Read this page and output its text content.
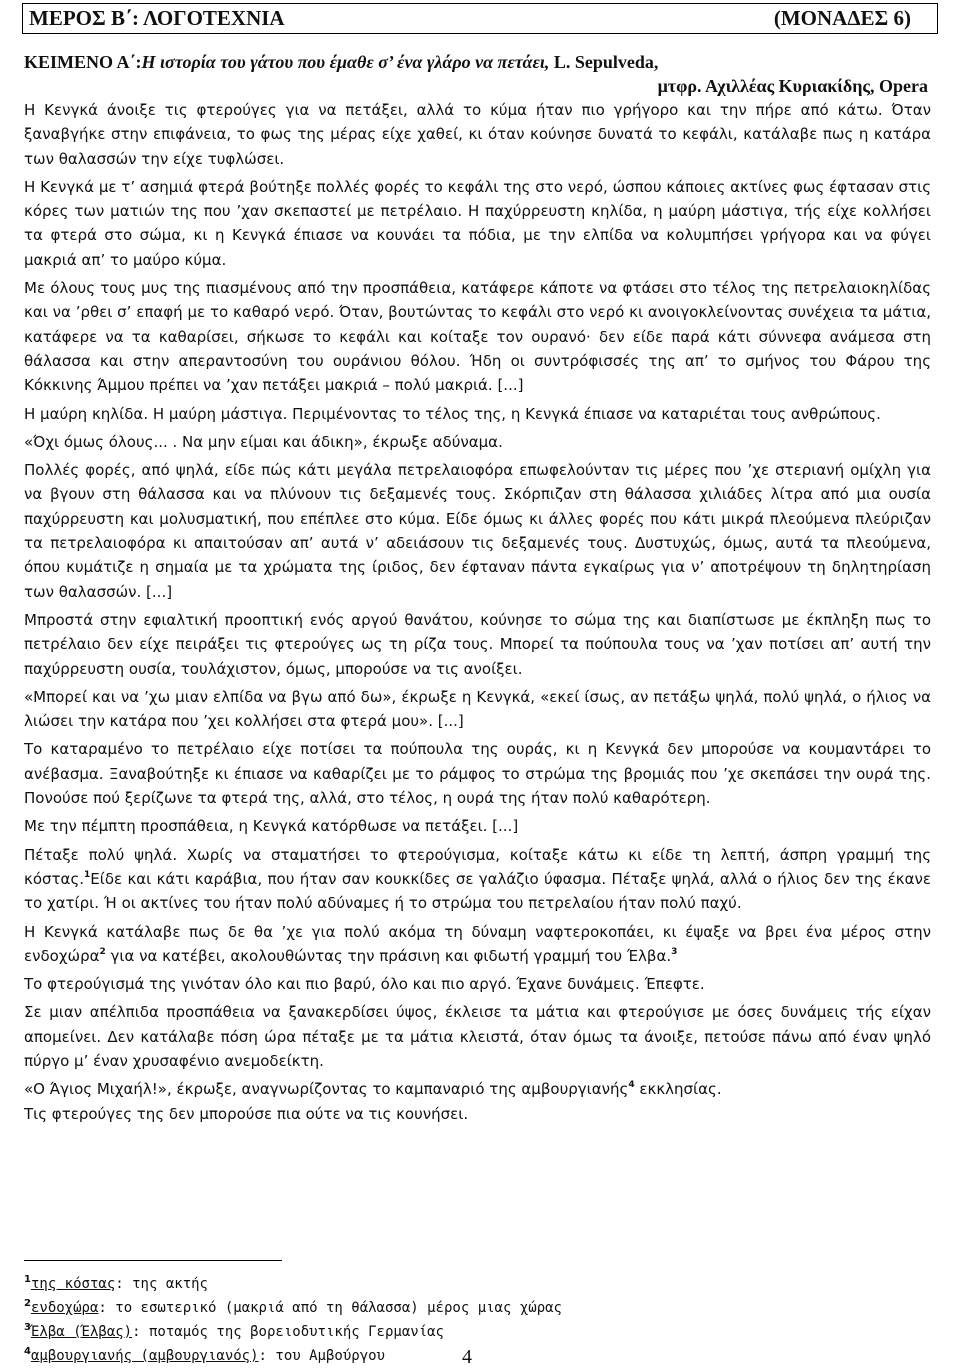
ΜΕΡΟΣ Β΄: ΛΟΓΟΤΕΧΝΙΑ	(ΜΟΝΑΔΕΣ 6)
ΚΕΙΜΕΝΟ Α΄:Η ιστορία του γάτου που έμαθε σ’ ένα γλάρο να πετάει, L. Sepulveda,
μτφρ. Αχιλλέας Κυριακίδης, Opera

Η Κενγκά άνοιξε τις φτερούγες για να πετάξει, αλλά το κύμα ήταν πιο γρήγορο και την πήρε από κάτω. Όταν ξαναβγήκε στην επιφάνεια, το φως της μέρας είχε χαθεί, κι όταν κούνησε δυνατά το κεφάλι, κατάλαβε πως η κατάρα των θαλασσών την είχε τυφλώσει.

Η Κενγκά με τ’ ασημιά φτερά βούτηξε πολλές φορές το κεφάλι της στο νερό, ώσπου κάποιες ακτίνες φως έφτασαν στις κόρες των ματιών της που ’χαν σκεπαστεί με πετρέλαιο. Η παχύρρευστη κηλίδα, η μαύρη μάστιγα, τής είχε κολλήσει τα φτερά στο σώμα, κι η Κενγκά έπιασε να κουνάει τα πόδια, με την ελπίδα να κολυμπήσει γρήγορα και να φύγει μακριά απ’ το μαύρο κύμα.

Με όλους τους μυς της πιασμένους από την προσπάθεια, κατάφερε κάποτε να φτάσει στο τέλος της πετρελαιοκηλίδας και να ’ρθει σ’ επαφή με το καθαρό νερό. Όταν, βουτώντας το κεφάλι στο νερό κι ανοιγοκλείνοντας συνέχεια τα μάτια, κατάφερε να τα καθαρίσει, σήκωσε το κεφάλι και κοίταξε τον ουρανό· δεν είδε παρά κάτι σύννεφα ανάμεσα στη θάλασσα και στην απεραντοσύνη του ουράνιου θόλου. Ήδη οι συντρόφισσές της απ’ το σμήνος του Φάρου της Κόκκινης Άμμου πρέπει να ’χαν πετάξει μακριά – πολύ μακριά. [...]

Η μαύρη κηλίδα. Η μαύρη μάστιγα. Περιμένοντας το τέλος της, η Κενγκά έπιασε να καταριέται τους ανθρώπους.

«Όχι όμως όλους... . Να μην είμαι και άδικη», έκρωξε αδύναμα.

Πολλές φορές, από ψηλά, είδε πώς κάτι μεγάλα πετρελαιοφόρα επωφελούνταν τις μέρες που ’χε στεριανή ομίχλη για να βγουν στη θάλασσα και να πλύνουν τις δεξαμενές τους. Σκόρπιζαν στη θάλασσα χιλιάδες λίτρα από μια ουσία παχύρρευστη και μολυσματική, που επέπλεε στο κύμα. Είδε όμως κι άλλες φορές που κάτι μικρά πλεούμενα πλεύριζαν τα πετρελαιοφόρα κι απαιτούσαν απ’ αυτά ν’ αδειάσουν τις δεξαμενές τους. Δυστυχώς, όμως, αυτά τα πλεούμενα, όπου κυμάτιζε η σημαία με τα χρώματα της ίριδος, δεν έφταναν πάντα εγκαίρως για ν’ αποτρέψουν τη δηλητηρίαση των θαλασσών. [...]

Μπροστά στην εφιαλτική προοπτική ενός αργού θανάτου, κούνησε το σώμα της και διαπίστωσε με έκπληξη πως το πετρέλαιο δεν είχε πειράξει τις φτερούγες ως τη ρίζα τους. Μπορεί τα πούπουλα τους να ’χαν ποτίσει απ’ αυτή την παχύρρευστη ουσία, τουλάχιστον, όμως, μπορούσε να τις ανοίξει.

«Μπορεί και να ’χω μιαν ελπίδα να βγω από δω», έκρωξε η Κενγκά, «εκεί ίσως, αν πετάξω ψηλά, πολύ ψηλά, ο ήλιος να λιώσει την κατάρα που ’χει κολλήσει στα φτερά μου». [...]

Το καταραμένο το πετρέλαιο είχε ποτίσει τα πούπουλα της ουράς, κι η Κενγκά δεν μπορούσε να κουμαντάρει το ανέβασμα. Ξαναβούτηξε κι έπιασε να καθαρίζει με το ράμφος το στρώμα της βρομιάς που ’χε σκεπάσει την ουρά της. Πονούσε πού ξερίζωνε τα φτερά της, αλλά, στο τέλος, η ουρά της ήταν πολύ καθαρότερη.

Με την πέμπτη προσπάθεια, η Κενγκά κατόρθωσε να πετάξει. [...]

Πέταξε πολύ ψηλά. Χωρίς να σταματήσει το φτερούγισμα, κοίταξε κάτω κι είδε τη λεπτή, άσπρη γραμμή της κόστας.$^1$Είδε και κάτι καράβια, που ήταν σαν κουκκίδες σε γαλάζιο ύφασμα. Πέταξε ψηλά, αλλά ο ήλιος δεν της έκανε το χατίρι. Ή οι ακτίνες του ήταν πολύ αδύναμες ή το στρώμα του πετρελαίου ήταν πολύ παχύ.

Η Κενγκά κατάλαβε πως δε θα ’χε για πολύ ακόμα τη δύναμη ναφτεροκοπάει, κι έψαξε να βρει ένα μέρος στην ενδοχώρα$^2$ για να κατέβει, ακολουθώντας την πράσινη και φιδωτή γραμμή του Έλβα.$^3$

Το φτερούγισμά της γινόταν όλο και πιο βαρύ, όλο και πιο αργό. Έχανε δυνάμεις. Έπεφτε.

Σε μιαν απέλπιδα προσπάθεια να ξανακερδίσει ύψος, έκλεισε τα μάτια και φτερούγισε με όσες δυνάμεις τής είχαν απομείνει. Δεν κατάλαβε πόση ώρα πέταξε με τα μάτια κλειστά, όταν όμως τα άνοιξε, πετούσε πάνω από έναν ψηλό πύργο μ’ έναν χρυσαφένιο ανεμοδείκτη.

«Ο Άγιος Μιχαήλ!», έκρωξε, αναγνωρίζοντας το καμπαναριό της αμβουργιανής$^4$ εκκλησίας.

Τις φτερούγες της δεν μπορούσε πια ούτε να τις κουνήσει.

$^1$της κόστας: της ακτής
$^2$ενδοχώρα: το εσωτερικό (μακριά από τη θάλασσα) μέρος μιας χώρας
$^3$Έλβα (Έλβας): ποταμός της βορειοδυτικής Γερμανίας
$^4$αμβουργιανής (αμβουργιανός): του Αμβούργου	4
